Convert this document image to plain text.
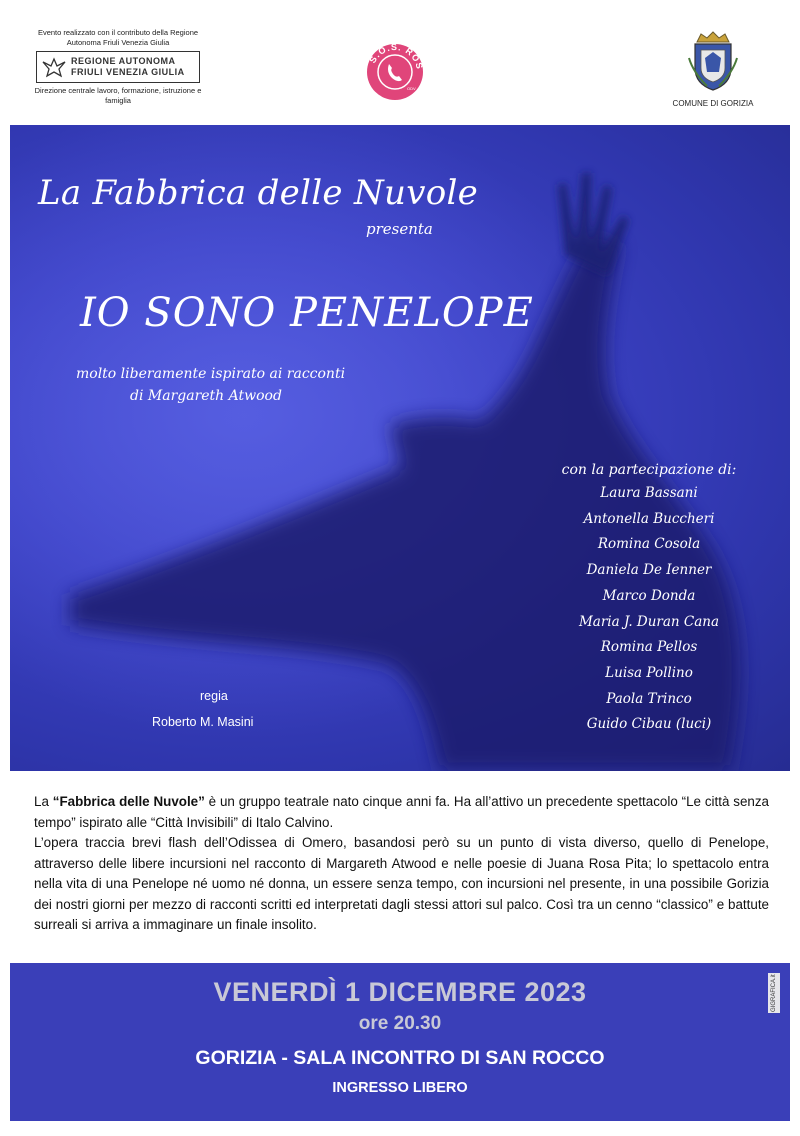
Evento realizzato con il contributo della Regione Autonoma Friuli Venezia Giulia
REGIONE AUTONOMA
FRIULI VENEZIA GIULIA
Direzione centrale lavoro, formazione, istruzione e famiglia
S.O.S. ROS
ODV
COMUNE DI GORIZIA
La Fabbrica delle Nuvole
presenta
IO SONO PENELOPE
molto liberamente ispirato ai racconti
di Margareth Atwood
con la partecipazione di:
Laura Bassani
Antonella Buccheri
Romina Cosola
Daniela De Ienner
Marco Donda
Maria J. Duran Cana
Romina Pellos
Luisa Pollino
Paola Trinco
Guido Cibau (luci)
regia
Roberto M. Masini

La “Fabbrica delle Nuvole” è un gruppo teatrale nato cinque anni fa. Ha all’attivo un precedente spettacolo “Le città senza tempo” ispirato alle “Città Invisibili” di Italo Calvino.

L’opera traccia brevi flash dell’Odissea di Omero, basandosi però su un punto di vista diverso, quello di Penelope, attraverso delle libere incursioni nel racconto di Margareth Atwood e nelle poesie di Juana Rosa Pita; lo spettacolo entra nella vita di una Penelope né uomo né donna, un essere senza tempo, con incursioni nel presente, in una possibile Gorizia dei nostri giorni per mezzo di racconti scritti ed interpretati dagli stessi attori sul palco. Così tra un cenno “classico” e battute surreali si arriva a immaginare un finale insolito.

VENERDÌ 1 DICEMBRE 2023
ore 20.30
GORIZIA - SALA INCONTRO DI SAN ROCCO
INGRESSO LIBERO
GIGRAFICA.it
